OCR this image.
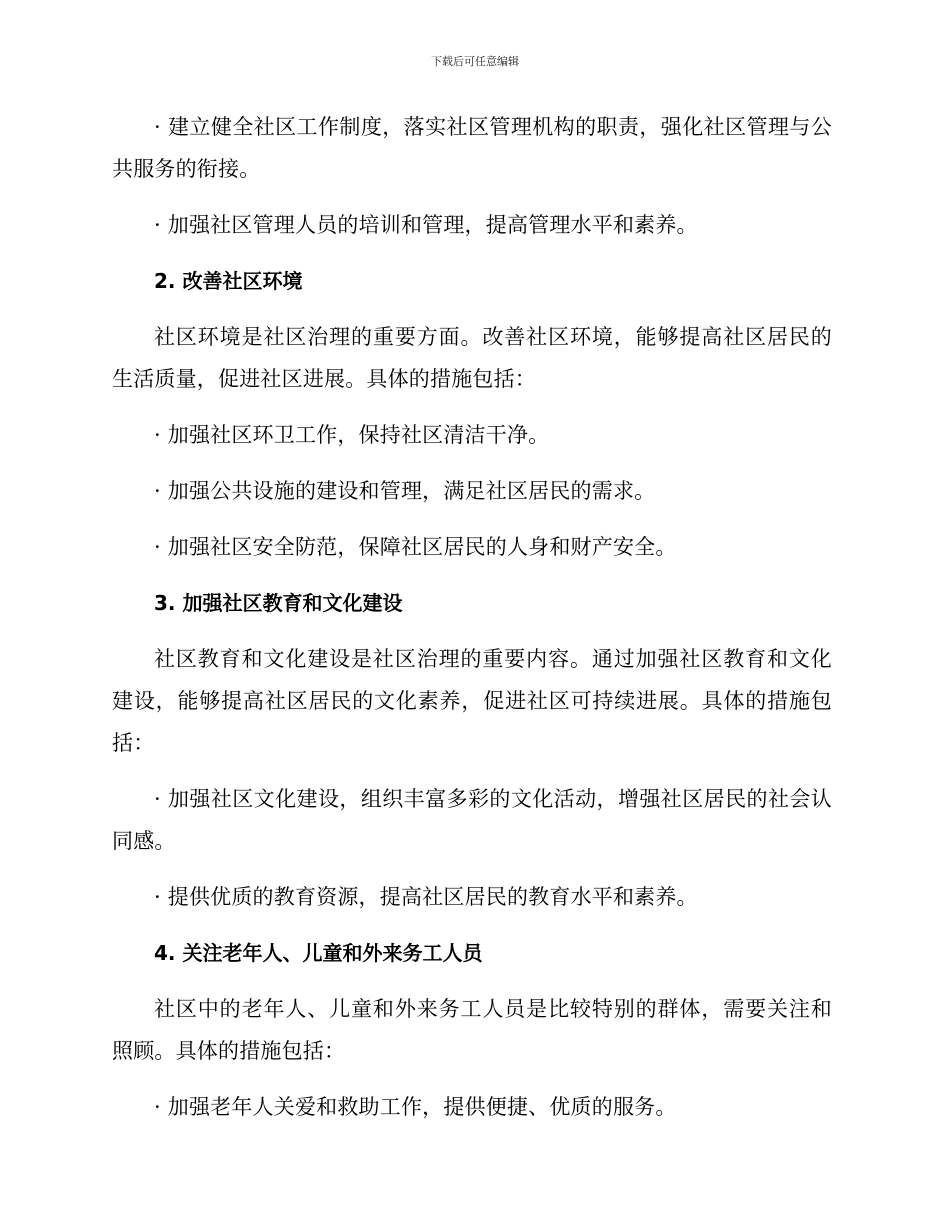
下载后可任意编辑

· 建立健全社区工作制度，落实社区管理机构的职责，强化社区管理与公共服务的衔接。

· 加强社区管理人员的培训和管理，提高管理水平和素养。

2. 改善社区环境

社区环境是社区治理的重要方面。改善社区环境，能够提高社区居民的生活质量，促进社区进展。具体的措施包括：

· 加强社区环卫工作，保持社区清洁干净。

· 加强公共设施的建设和管理，满足社区居民的需求。

· 加强社区安全防范，保障社区居民的人身和财产安全。

3. 加强社区教育和文化建设

社区教育和文化建设是社区治理的重要内容。通过加强社区教育和文化建设，能够提高社区居民的文化素养，促进社区可持续进展。具体的措施包括：

· 加强社区文化建设，组织丰富多彩的文化活动，增强社区居民的社会认同感。

· 提供优质的教育资源，提高社区居民的教育水平和素养。

4. 关注老年人、儿童和外来务工人员

社区中的老年人、儿童和外来务工人员是比较特别的群体，需要关注和照顾。具体的措施包括：

· 加强老年人关爱和救助工作，提供便捷、优质的服务。
